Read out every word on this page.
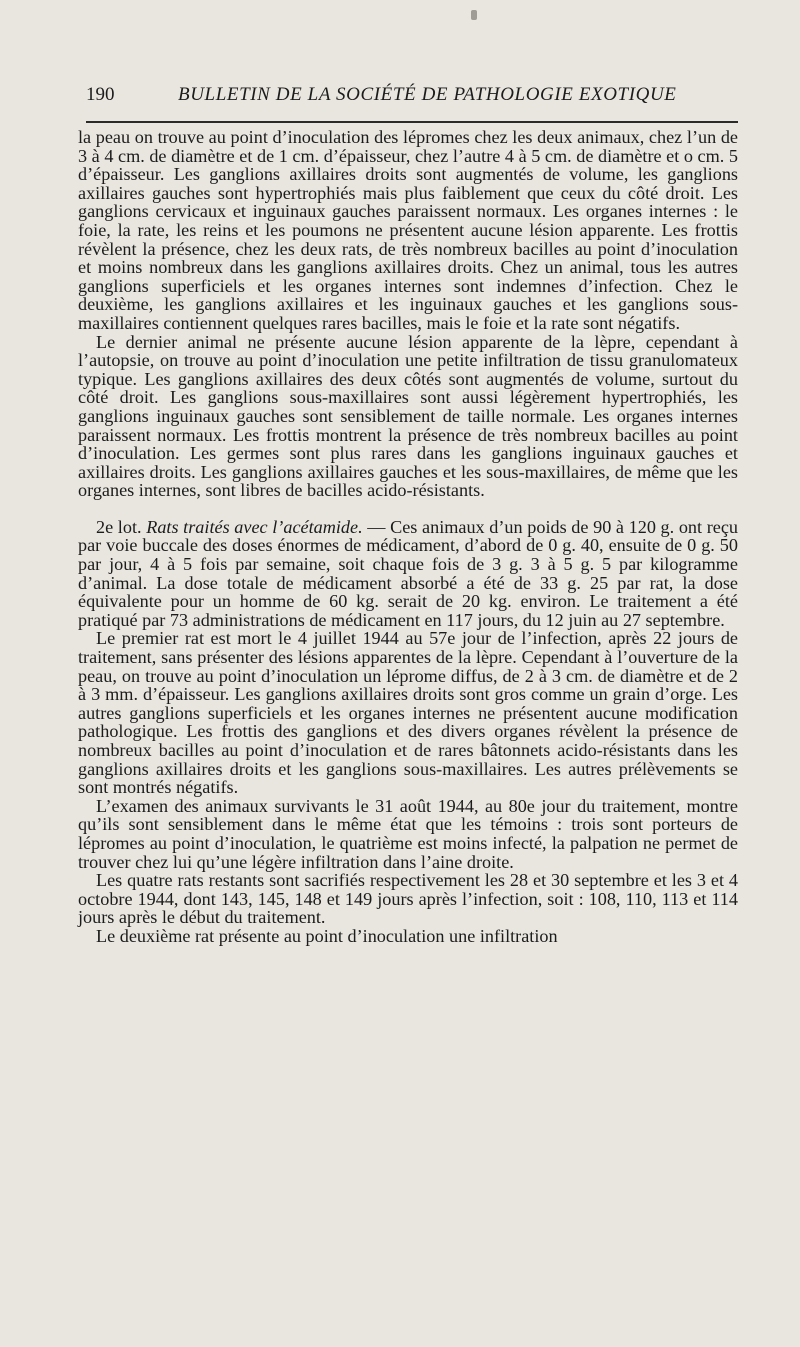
190	BULLETIN DE LA SOCIÉTÉ DE PATHOLOGIE EXOTIQUE

la peau on trouve au point d’inoculation des lépromes chez les deux animaux, chez l’un de 3 à 4 cm. de diamètre et de 1 cm. d’épaisseur, chez l’autre 4 à 5 cm. de diamètre et o cm. 5 d’épaisseur. Les ganglions axillaires droits sont augmentés de volume, les ganglions axillaires gauches sont hypertrophiés mais plus faiblement que ceux du côté droit. Les ganglions cervicaux et inguinaux gauches paraissent normaux. Les organes internes : le foie, la rate, les reins et les poumons ne présentent aucune lésion apparente. Les frottis révèlent la présence, chez les deux rats, de très nombreux bacilles au point d’inoculation et moins nombreux dans les ganglions axillaires droits. Chez un animal, tous les autres ganglions superficiels et les organes internes sont indemnes d’infection. Chez le deuxième, les ganglions axillaires et les inguinaux gauches et les ganglions sous-maxillaires contiennent quelques rares bacilles, mais le foie et la rate sont négatifs.

Le dernier animal ne présente aucune lésion apparente de la lèpre, cependant à l’autopsie, on trouve au point d’inoculation une petite infiltration de tissu granulomateux typique. Les ganglions axillaires des deux côtés sont augmentés de volume, surtout du côté droit. Les ganglions sous-maxillaires sont aussi légèrement hypertrophiés, les ganglions inguinaux gauches sont sensiblement de taille normale. Les organes internes paraissent normaux. Les frottis montrent la présence de très nombreux bacilles au point d’inoculation. Les germes sont plus rares dans les ganglions inguinaux gauches et axillaires droits. Les ganglions axillaires gauches et les sous-maxillaires, de même que les organes internes, sont libres de bacilles acido-résistants.

2e lot. Rats traités avec l’acétamide. — Ces animaux d’un poids de 90 à 120 g. ont reçu par voie buccale des doses énormes de médicament, d’abord de 0 g. 40, ensuite de 0 g. 50 par jour, 4 à 5 fois par semaine, soit chaque fois de 3 g. 3 à 5 g. 5 par kilogramme d’animal. La dose totale de médicament absorbé a été de 33 g. 25 par rat, la dose équivalente pour un homme de 60 kg. serait de 20 kg. environ. Le traitement a été pratiqué par 73 administrations de médicament en 117 jours, du 12 juin au 27 septembre.

Le premier rat est mort le 4 juillet 1944 au 57e jour de l’infection, après 22 jours de traitement, sans présenter des lésions apparentes de la lèpre. Cependant à l’ouverture de la peau, on trouve au point d’inoculation un léprome diffus, de 2 à 3 cm. de diamètre et de 2 à 3 mm. d’épaisseur. Les ganglions axillaires droits sont gros comme un grain d’orge. Les autres ganglions superficiels et les organes internes ne présentent aucune modification pathologique. Les frottis des ganglions et des divers organes révèlent la présence de nombreux bacilles au point d’inoculation et de rares bâtonnets acido-résistants dans les ganglions axillaires droits et les ganglions sous-maxillaires. Les autres prélèvements se sont montrés négatifs.

L’examen des animaux survivants le 31 août 1944, au 80e jour du traitement, montre qu’ils sont sensiblement dans le même état que les témoins : trois sont porteurs de lépromes au point d’inoculation, le quatrième est moins infecté, la palpation ne permet de trouver chez lui qu’une légère infiltration dans l’aine droite.

Les quatre rats restants sont sacrifiés respectivement les 28 et 30 septembre et les 3 et 4 octobre 1944, dont 143, 145, 148 et 149 jours après l’infection, soit : 108, 110, 113 et 114 jours après le début du traitement.

Le deuxième rat présente au point d’inoculation une infiltration
